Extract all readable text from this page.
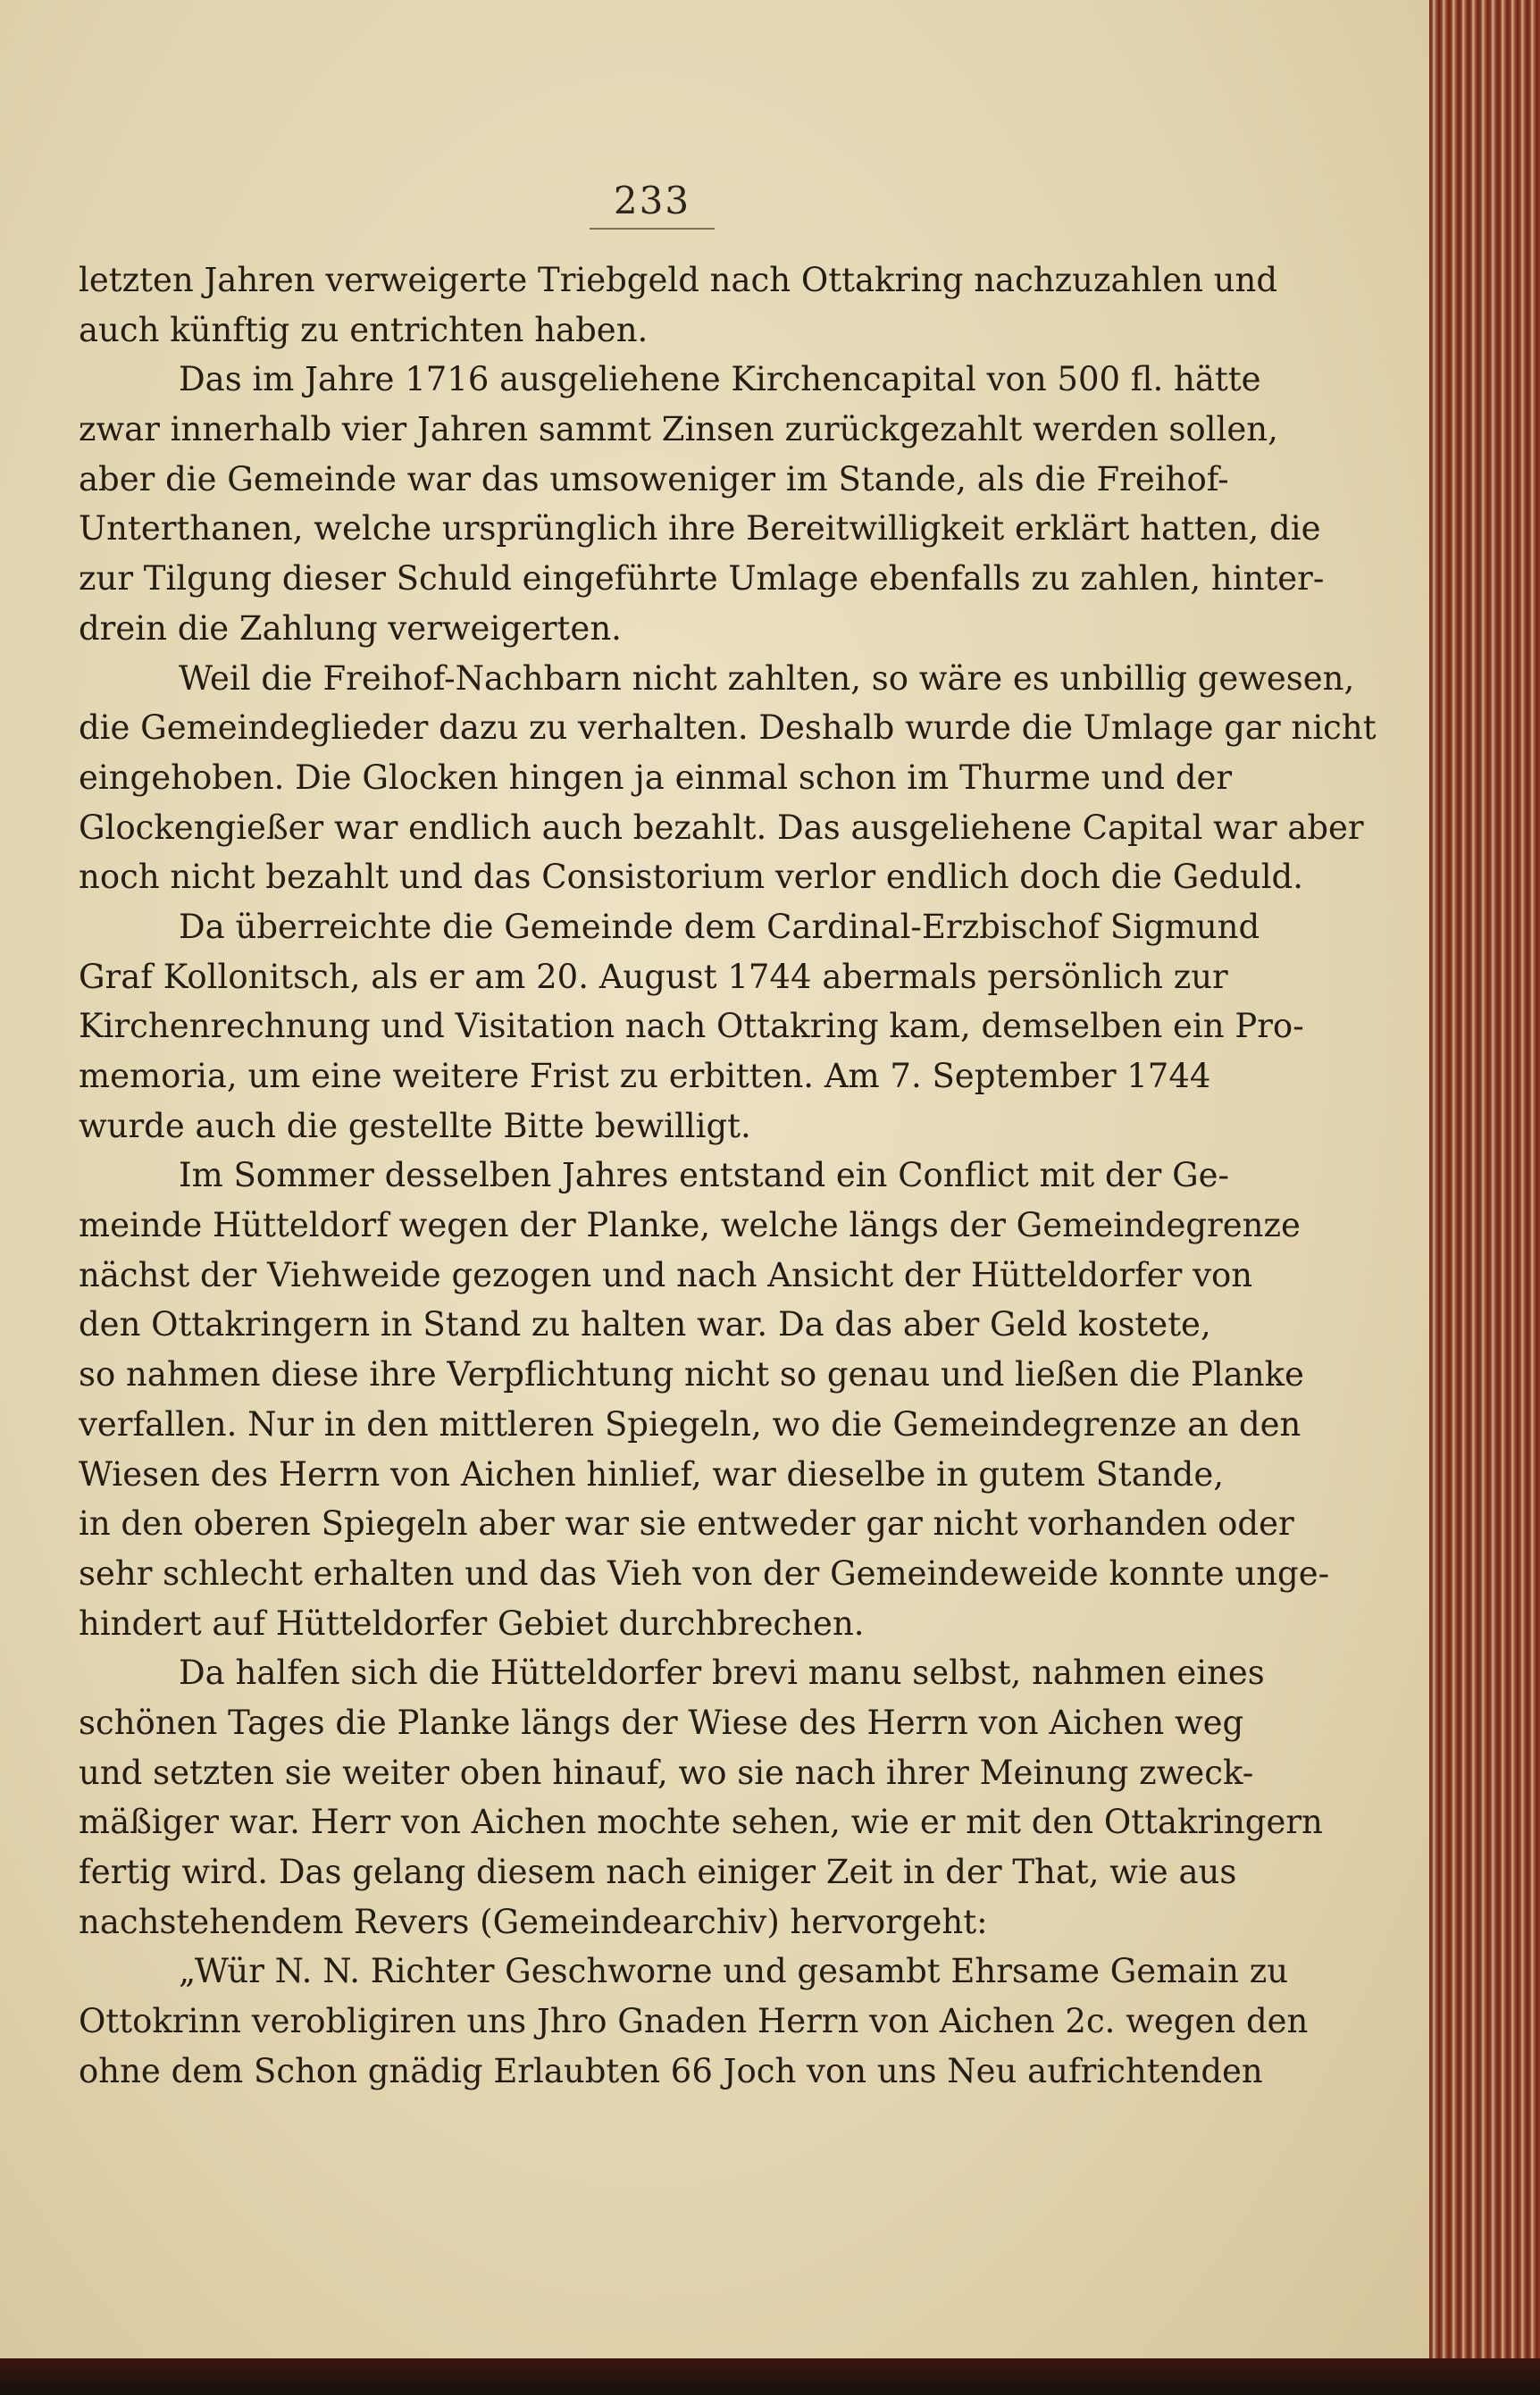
233
letzten Jahren verweigerte Triebgeld nach Ottakring nachzuzahlen und
auch künftig zu entrichten haben.
Das im Jahre 1716 ausgeliehene Kirchencapital von 500 fl. hätte
zwar innerhalb vier Jahren sammt Zinsen zurückgezahlt werden sollen,
aber die Gemeinde war das umsoweniger im Stande, als die Freihof-
Unterthanen, welche ursprünglich ihre Bereitwilligkeit erklärt hatten, die
zur Tilgung dieser Schuld eingeführte Umlage ebenfalls zu zahlen, hinter-
drein die Zahlung verweigerten.
Weil die Freihof-Nachbarn nicht zahlten, so wäre es unbillig gewesen,
die Gemeindeglieder dazu zu verhalten. Deshalb wurde die Umlage gar nicht
eingehoben. Die Glocken hingen ja einmal schon im Thurme und der
Glockengießer war endlich auch bezahlt. Das ausgeliehene Capital war aber
noch nicht bezahlt und das Consistorium verlor endlich doch die Geduld.
Da überreichte die Gemeinde dem Cardinal-Erzbischof Sigmund
Graf Kollonitsch, als er am 20. August 1744 abermals persönlich zur
Kirchenrechnung und Visitation nach Ottakring kam, demselben ein Pro-
memoria, um eine weitere Frist zu erbitten. Am 7. September 1744
wurde auch die gestellte Bitte bewilligt.
Im Sommer desselben Jahres entstand ein Conflict mit der Ge-
meinde Hütteldorf wegen der Planke, welche längs der Gemeindegrenze
nächst der Viehweide gezogen und nach Ansicht der Hütteldorfer von
den Ottakringern in Stand zu halten war. Da das aber Geld kostete,
so nahmen diese ihre Verpflichtung nicht so genau und ließen die Planke
verfallen. Nur in den mittleren Spiegeln, wo die Gemeindegrenze an den
Wiesen des Herrn von Aichen hinlief, war dieselbe in gutem Stande,
in den oberen Spiegeln aber war sie entweder gar nicht vorhanden oder
sehr schlecht erhalten und das Vieh von der Gemeindeweide konnte unge-
hindert auf Hütteldorfer Gebiet durchbrechen.
Da halfen sich die Hütteldorfer brevi manu selbst, nahmen eines
schönen Tages die Planke längs der Wiese des Herrn von Aichen weg
und setzten sie weiter oben hinauf, wo sie nach ihrer Meinung zweck-
mäßiger war. Herr von Aichen mochte sehen, wie er mit den Ottakringern
fertig wird. Das gelang diesem nach einiger Zeit in der That, wie aus
nachstehendem Revers (Gemeindearchiv) hervorgeht:
„Wür N. N. Richter Geschworne und gesambt Ehrsame Gemain zu
Ottokrinn verobligiren uns Jhro Gnaden Herrn von Aichen 2c. wegen den
ohne dem Schon gnädig Erlaubten 66 Joch von uns Neu aufrichtenden
